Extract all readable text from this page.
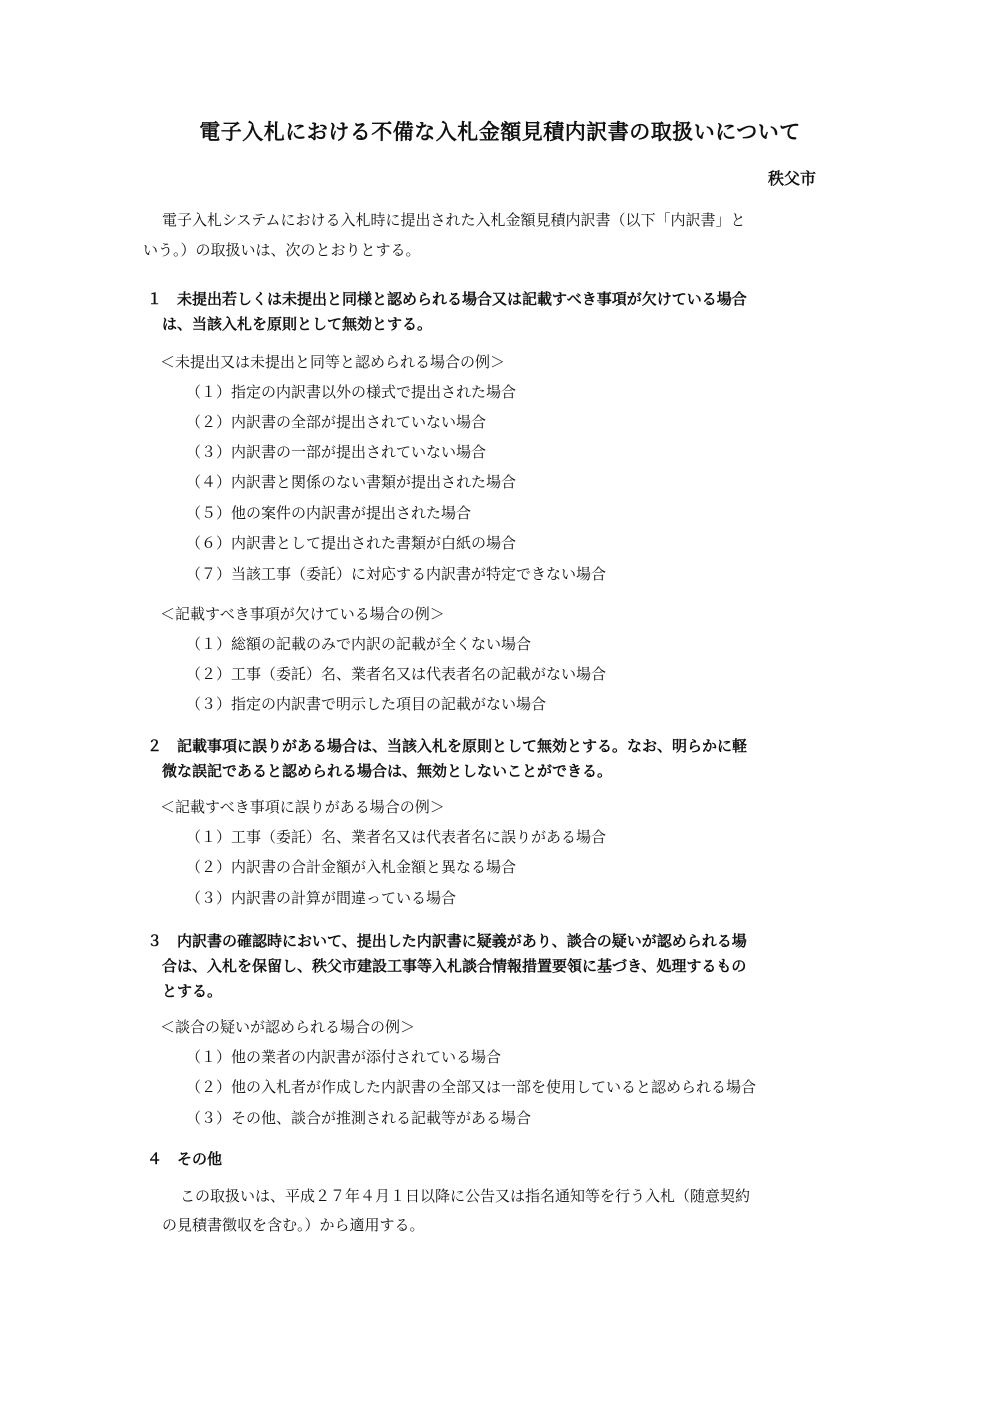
電子入札における不備な入札金額見積内訳書の取扱いについて
秩父市
電子入札システムにおける入札時に提出された入札金額見積内訳書（以下「内訳書」と
いう。）の取扱いは、次のとおりとする。
１　未提出若しくは未提出と同様と認められる場合又は記載すべき事項が欠けている場合
は、当該入札を原則として無効とする。
＜未提出又は未提出と同等と認められる場合の例＞
（１）指定の内訳書以外の様式で提出された場合
（２）内訳書の全部が提出されていない場合
（３）内訳書の一部が提出されていない場合
（４）内訳書と関係のない書類が提出された場合
（５）他の案件の内訳書が提出された場合
（６）内訳書として提出された書類が白紙の場合
（７）当該工事（委託）に対応する内訳書が特定できない場合
＜記載すべき事項が欠けている場合の例＞
（１）総額の記載のみで内訳の記載が全くない場合
（２）工事（委託）名、業者名又は代表者名の記載がない場合
（３）指定の内訳書で明示した項目の記載がない場合
２　記載事項に誤りがある場合は、当該入札を原則として無効とする。なお、明らかに軽
微な誤記であると認められる場合は、無効としないことができる。
＜記載すべき事項に誤りがある場合の例＞
（１）工事（委託）名、業者名又は代表者名に誤りがある場合
（２）内訳書の合計金額が入札金額と異なる場合
（３）内訳書の計算が間違っている場合
３　内訳書の確認時において、提出した内訳書に疑義があり、談合の疑いが認められる場
合は、入札を保留し、秩父市建設工事等入札談合情報措置要領に基づき、処理するもの
とする。
＜談合の疑いが認められる場合の例＞
（１）他の業者の内訳書が添付されている場合
（２）他の入札者が作成した内訳書の全部又は一部を使用していると認められる場合
（３）その他、談合が推測される記載等がある場合
４　その他
この取扱いは、平成２７年４月１日以降に公告又は指名通知等を行う入札（随意契約
の見積書徴収を含む。）から適用する。
